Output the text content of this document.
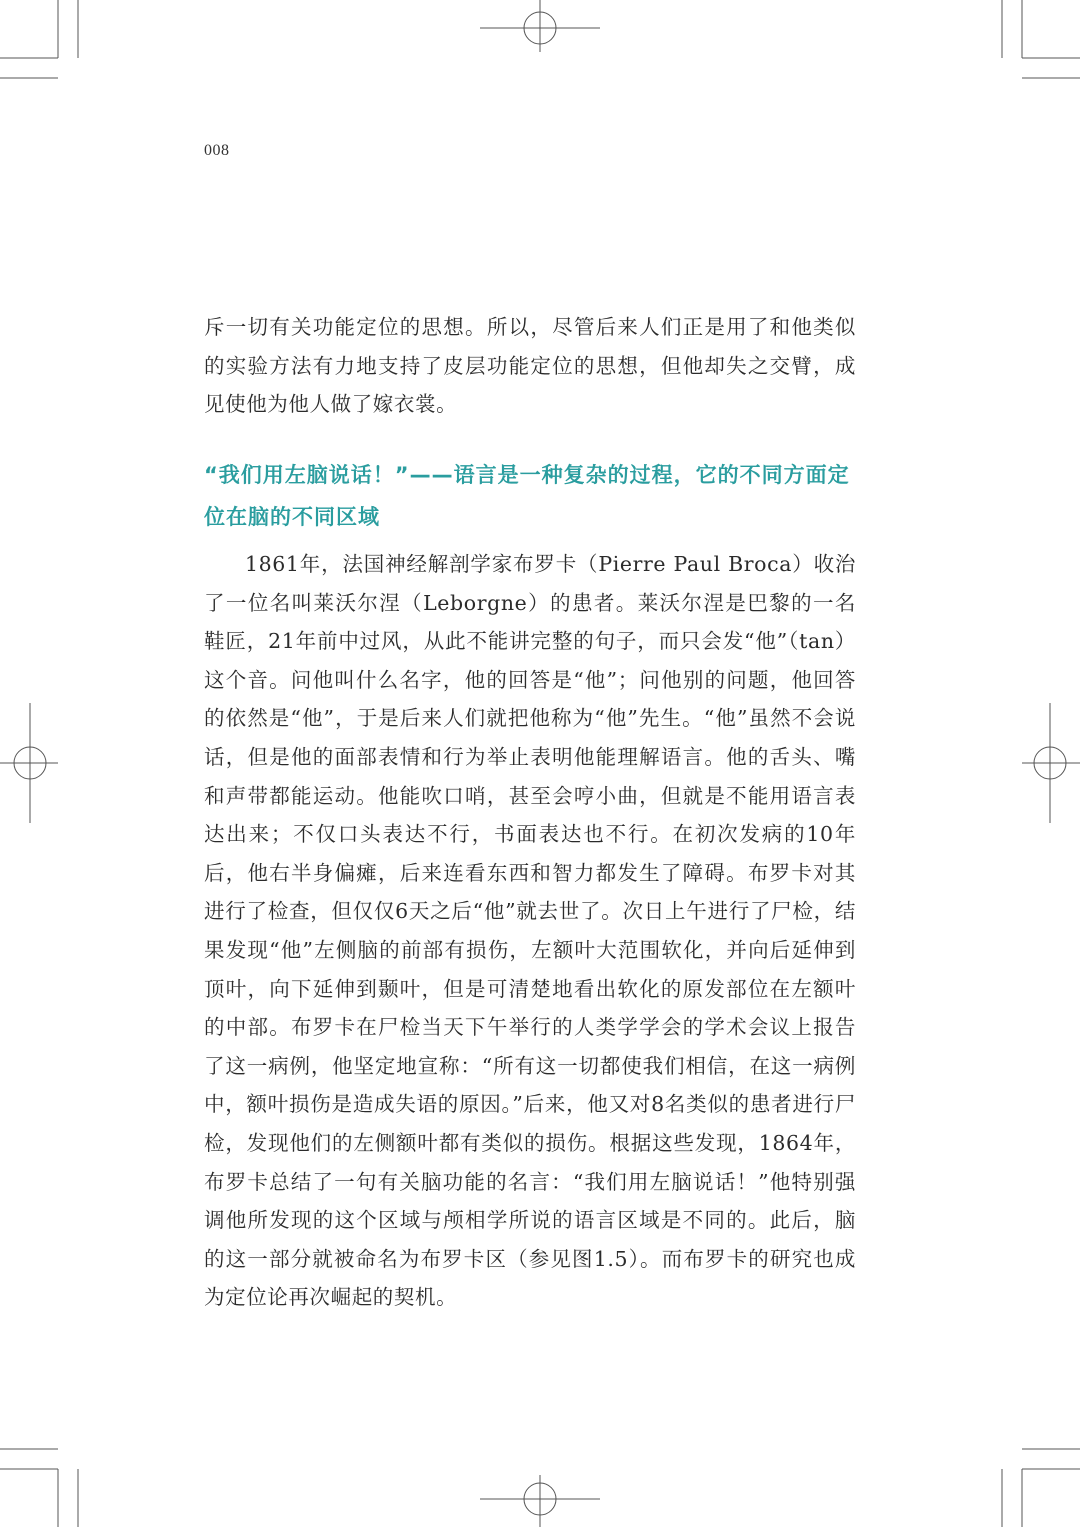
008

斥一切有关功能定位的思想。所以，尽管后来人们正是用了和他类似的实验方法有力地支持了皮层功能定位的思想，但他却失之交臂，成见使他为他人做了嫁衣裳。

“我们用左脑说话！”——语言是一种复杂的过程，它的不同方面定位在脑的不同区域

1861年，法国神经解剖学家布罗卡（Pierre Paul Broca）收治了一位名叫莱沃尔涅（Leborgne）的患者。莱沃尔涅是巴黎的一名鞋匠，21年前中过风，从此不能讲完整的句子，而只会发“他”（tan）这个音。问他叫什么名字，他的回答是“他”；问他别的问题，他回答的依然是“他”，于是后来人们就把他称为“他”先生。“他”虽然不会说话，但是他的面部表情和行为举止表明他能理解语言。他的舌头、嘴和声带都能运动。他能吹口哨，甚至会哼小曲，但就是不能用语言表达出来；不仅口头表达不行，书面表达也不行。在初次发病的10年后，他右半身偏瘫，后来连看东西和智力都发生了障碍。布罗卡对其进行了检查，但仅仅6天之后“他”就去世了。次日上午进行了尸检，结果发现“他”左侧脑的前部有损伤，左额叶大范围软化，并向后延伸到顶叶，向下延伸到颞叶，但是可清楚地看出软化的原发部位在左额叶的中部。布罗卡在尸检当天下午举行的人类学学会的学术会议上报告了这一病例，他坚定地宣称：“所有这一切都使我们相信，在这一病例中，额叶损伤是造成失语的原因。”后来，他又对8名类似的患者进行尸检，发现他们的左侧额叶都有类似的损伤。根据这些发现，1864年，布罗卡总结了一句有关脑功能的名言：“我们用左脑说话！”他特别强调他所发现的这个区域与颅相学所说的语言区域是不同的。此后，脑的这一部分就被命名为布罗卡区（参见图1.5）。而布罗卡的研究也成为定位论再次崛起的契机。
